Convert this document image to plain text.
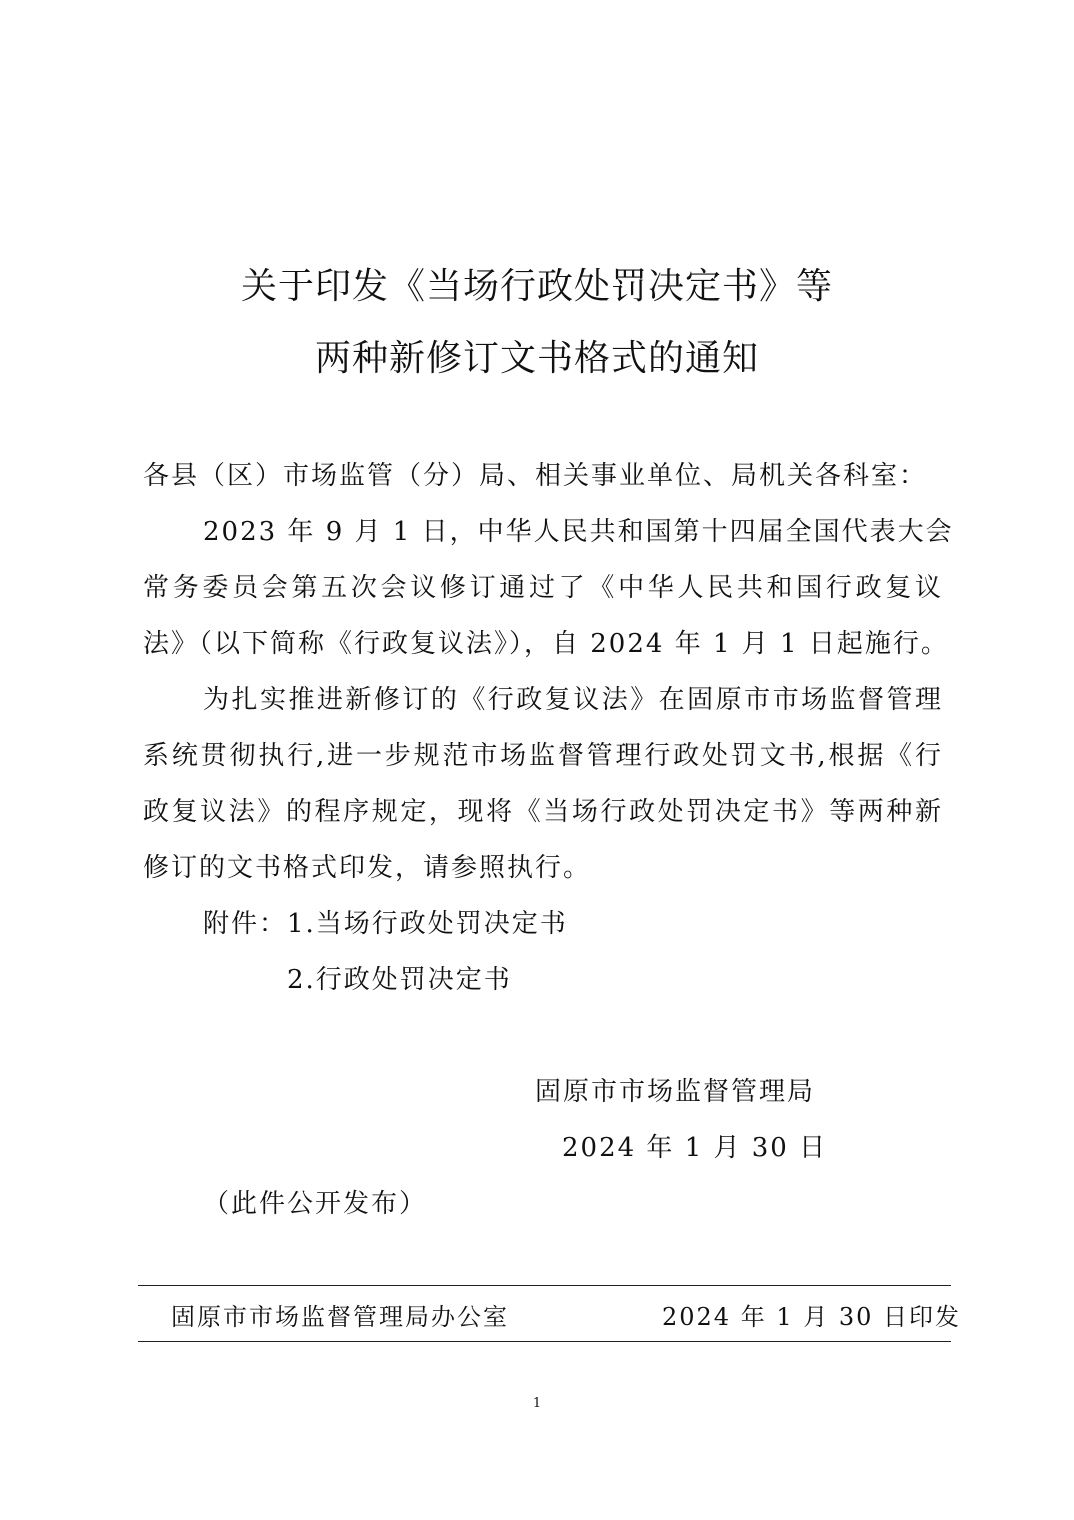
关于印发《当场行政处罚决定书》等
两种新修订文书格式的通知
各县（区）市场监管（分）局、相关事业单位、局机关各科室：
2023 年 9 月 1 日，中华人民共和国第十四届全国代表大会
常务委员会第五次会议修订通过了《中华人民共和国行政复议
法》（以下简称《行政复议法》），自 2024 年 1 月 1 日起施行。
为扎实推进新修订的《行政复议法》在固原市市场监督管理
系统贯彻执行,进一步规范市场监督管理行政处罚文书,根据《行
政复议法》的程序规定，现将《当场行政处罚决定书》等两种新
修订的文书格式印发，请参照执行。
附件： 1.当场行政处罚决定书
2.行政处罚决定书
固原市市场监督管理局
2024 年 1 月 30 日
（此件公开发布）
固原市市场监督管理局办公室	2024 年 1 月 30 日印发
1
